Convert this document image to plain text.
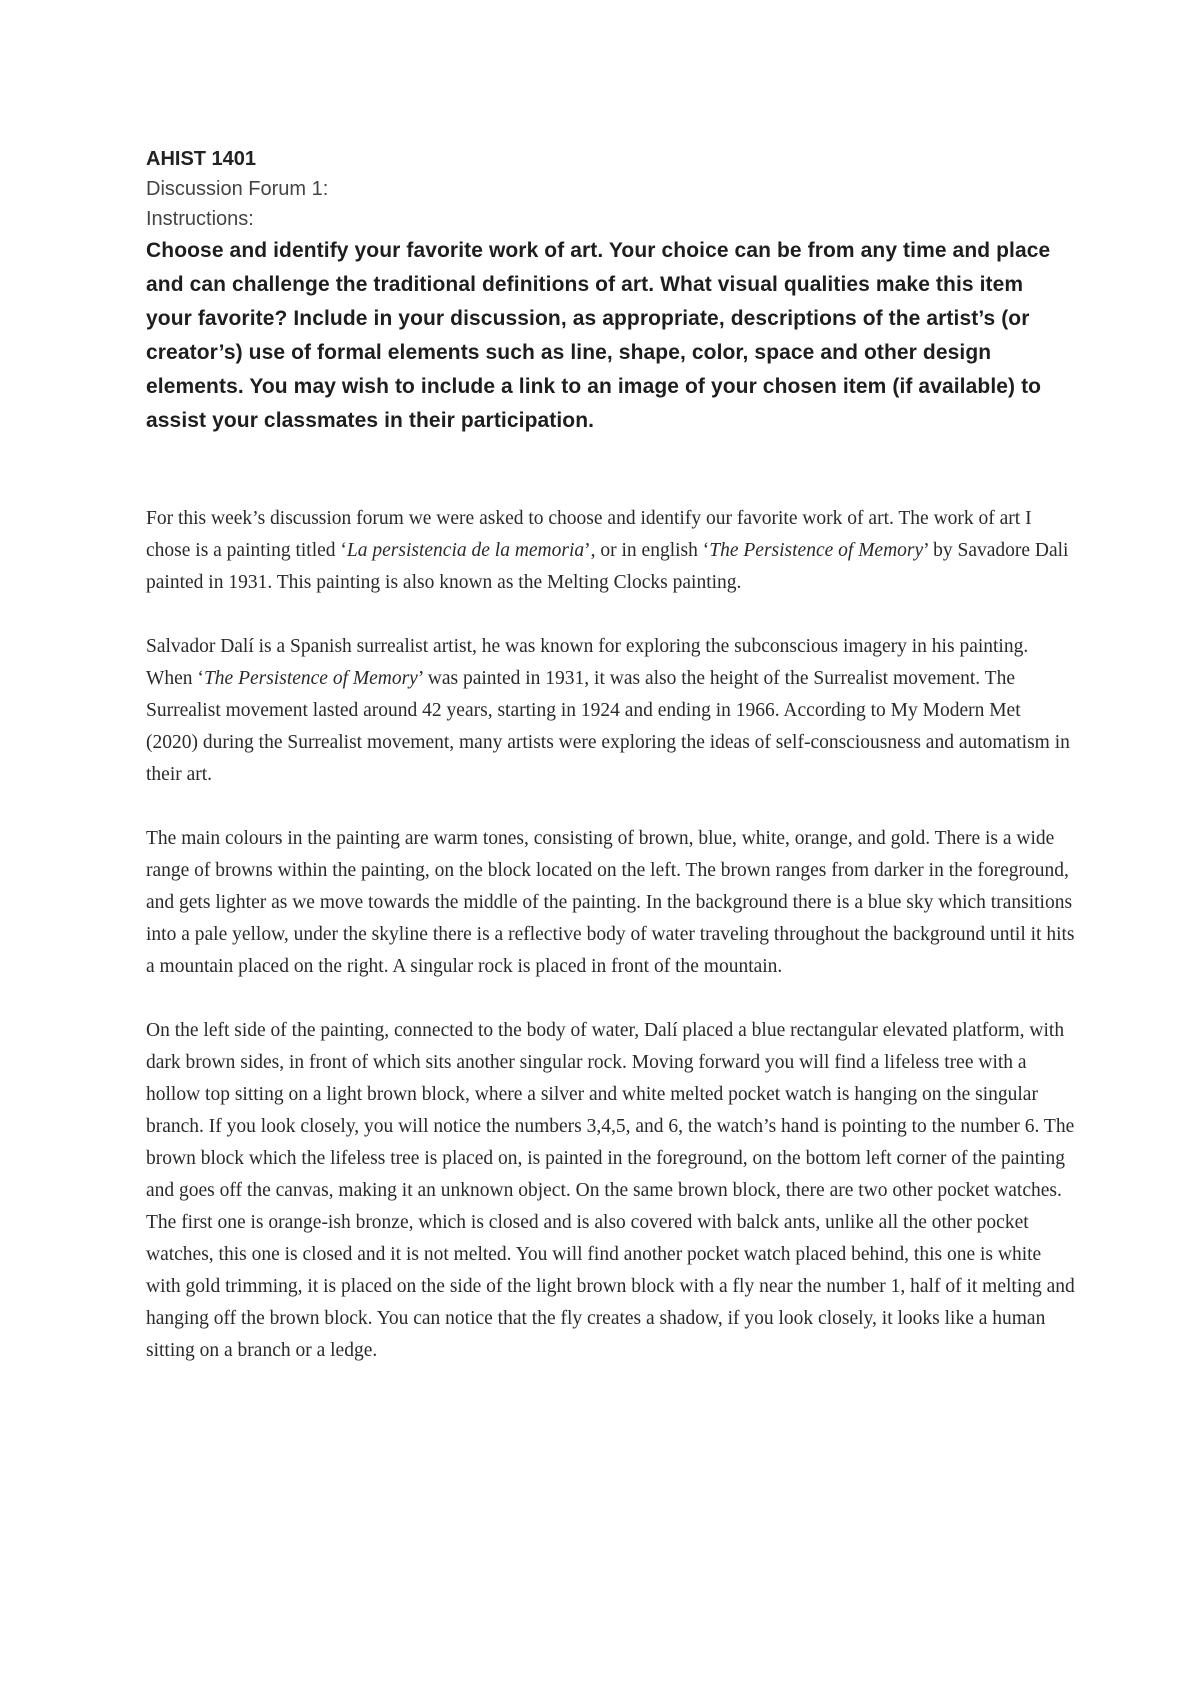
AHIST 1401

Discussion Forum 1:

Instructions:

Choose and identify your favorite work of art. Your choice can be from any time and place and can challenge the traditional definitions of art. What visual qualities make this item your favorite? Include in your discussion, as appropriate, descriptions of the artist’s (or creator’s) use of formal elements such as line, shape, color, space and other design elements. You may wish to include a link to an image of your chosen item (if available) to assist your classmates in their participation.

For this week’s discussion forum we were asked to choose and identify our favorite work of art. The work of art I chose is a painting titled ‘La persistencia de la memoria’, or in english ‘The Persistence of Memory’ by Savadore Dali painted in 1931. This painting is also known as the Melting Clocks painting.

Salvador Dalí is a Spanish surrealist artist, he was known for exploring the subconscious imagery in his painting. When ‘The Persistence of Memory’ was painted in 1931, it was also the height of the Surrealist movement. The Surrealist movement lasted around 42 years, starting in 1924 and ending in 1966. According to My Modern Met (2020) during the Surrealist movement, many artists were exploring the ideas of self-consciousness and automatism in their art.

The main colours in the painting are warm tones, consisting of brown, blue, white, orange, and gold. There is a wide range of browns within the painting, on the block located on the left. The brown ranges from darker in the foreground, and gets lighter as we move towards the middle of the painting. In the background there is a blue sky which transitions into a pale yellow, under the skyline there is a reflective body of water traveling throughout the background until it hits a mountain placed on the right. A singular rock is placed in front of the mountain.

On the left side of the painting, connected to the body of water, Dalí placed a blue rectangular elevated platform, with dark brown sides, in front of which sits another singular rock. Moving forward you will find a lifeless tree with a hollow top sitting on a light brown block, where a silver and white melted pocket watch is hanging on the singular branch. If you look closely, you will notice the numbers 3,4,5, and 6, the watch’s hand is pointing to the number 6. The brown block which the lifeless tree is placed on, is painted in the foreground, on the bottom left corner of the painting and goes off the canvas, making it an unknown object. On the same brown block, there are two other pocket watches. The first one is orange-ish bronze, which is closed and is also covered with balck ants, unlike all the other pocket watches, this one is closed and it is not melted. You will find another pocket watch placed behind, this one is white with gold trimming, it is placed on the side of the light brown block with a fly near the number 1, half of it melting and hanging off the brown block. You can notice that the fly creates a shadow, if you look closely, it looks like a human sitting on a branch or a ledge.
